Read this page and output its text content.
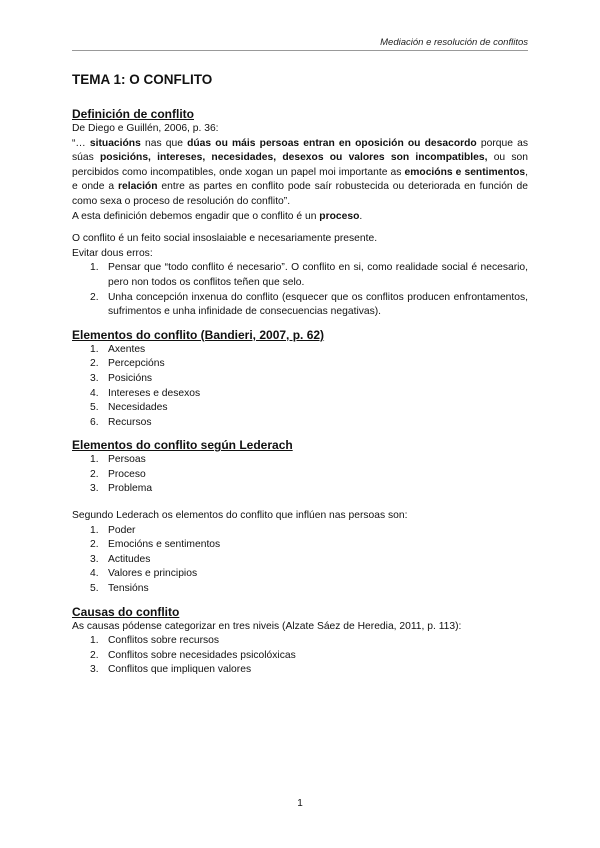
Mediación e resolución de conflitos
TEMA 1: O CONFLITO
Definición de conflito

De Diego e Guillén, 2006, p. 36:

“… situacións nas que dúas ou máis persoas entran en oposición ou desacordo porque as súas posicións, intereses, necesidades, desexos ou valores son incompatibles, ou son percibidos como incompatibles, onde xogan un papel moi importante as emocións e sentimentos, e onde a relación entre as partes en conflito pode saír robustecida ou deteriorada en función de como sexa o proceso de resolución do conflito”.

A esta definición debemos engadir que o conflito é un proceso.

O conflito é un feito social insoslaiable e necesariamente presente.

Evitar dous erros:

1. Pensar que “todo conflito é necesario”. O conflito en si, como realidade social é necesario, pero non todos os conflitos teñen que selo.
2. Unha concepción inxenua do conflito (esquecer que os conflitos producen enfrontamentos, sufrimentos e unha infinidade de consecuencias negativas).
Elementos do conflito (Bandieri, 2007, p. 62)
1. Axentes
2. Percepcións
3. Posicións
4. Intereses e desexos
5. Necesidades
6. Recursos
Elementos do conflito según Lederach
1. Persoas
2. Proceso
3. Problema

Segundo Lederach os elementos do conflito que inflúen nas persoas son:

1. Poder
2. Emocións e sentimentos
3. Actitudes
4. Valores e principios
5. Tensións
Causas do conflito

As causas pódense categorizar en tres niveis (Alzate Sáez de Heredia, 2011, p. 113):

1. Conflitos sobre recursos
2. Conflitos sobre necesidades psicolóxicas
3. Conflitos que impliquen valores
1
